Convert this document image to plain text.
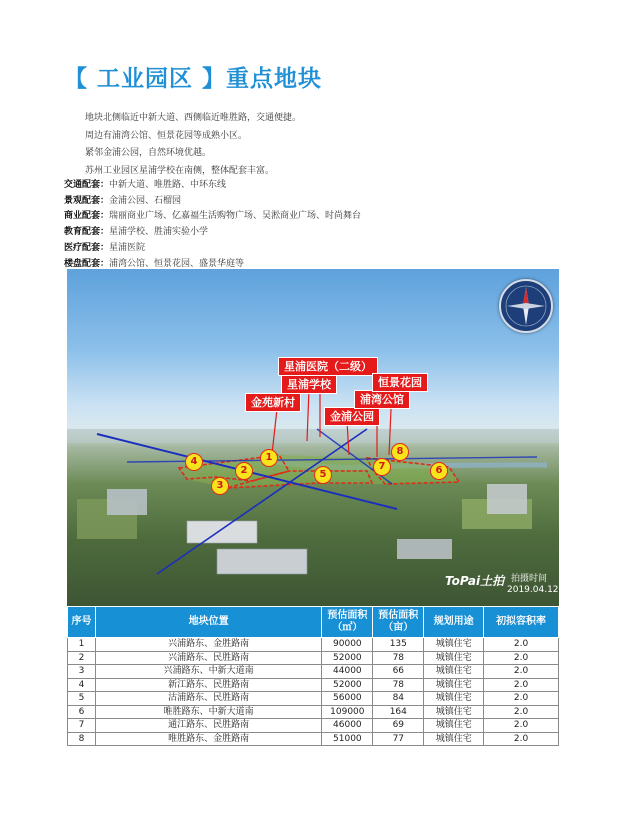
【 工业园区 】重点地块
地块北侧临近中新大道、西侧临近唯胜路，交通便捷。
周边有浦湾公馆、恒景花园等成熟小区。
紧邻金浦公园，自然环境优越。
苏州工业园区星浦学校在南侧，整体配套丰富。
交通配套：中新大道、唯胜路、中环东线
景观配套：金浦公园、石榴园
商业配套：瑞丽商业广场、亿嘉福生活购物广场、吴淞商业广场、时尚舞台
教育配套：星浦学校、胜浦实验小学
医疗配套：星浦医院
楼盘配套：浦湾公馆、恒景花园、盛景华庭等
星浦医院（二级）
星浦学校
金苑新村
金浦公园
浦湾公馆
恒景花园
1
2
3
4
5	6
7
8
ToPai土拍 拍摄时间
2019.04.12
序号	地块位置	预估面积（㎡）	预估面积（亩）	规划用途	初拟容积率
1	兴浦路东、金胜路南	90000	135	城镇住宅	2.0
2	兴浦路东、民胜路南	52000	78	城镇住宅	2.0
3	兴浦路东、中新大道南	44000	66	城镇住宅	2.0
4	新江路东、民胜路南	52000	78	城镇住宅	2.0
5	沽浦路东、民胜路南	56000	84	城镇住宅	2.0
6	唯胜路东、中新大道南	109000	164	城镇住宅	2.0
7	通江路东、民胜路南	46000	69	城镇住宅	2.0
8	唯胜路东、金胜路南	51000	77	城镇住宅	2.0
